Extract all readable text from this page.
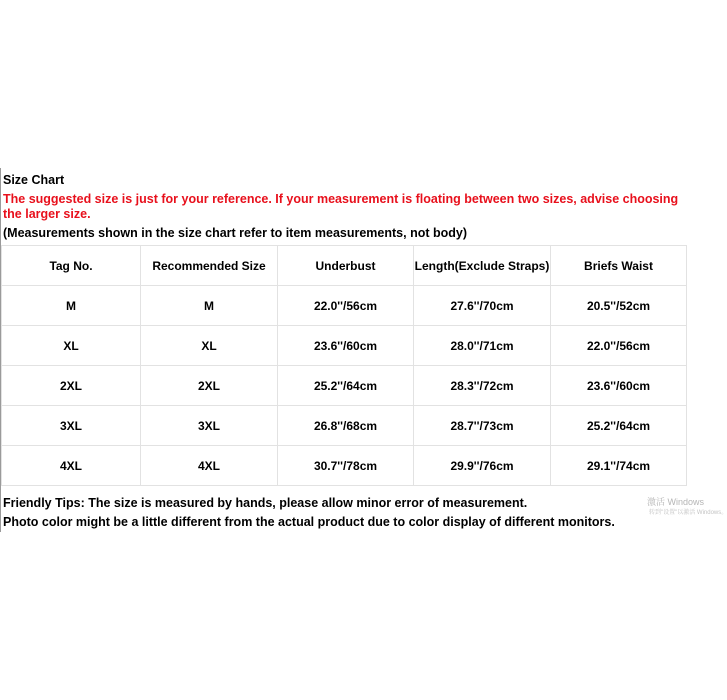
Size Chart
The suggested size is just for your reference. If your measurement is floating between two sizes, advise choosing the larger size.
(Measurements shown in the size chart refer to item measurements, not body)
Tag No.	Recommended Size	Underbust	Length(Exclude Straps)	Briefs Waist
M	M	22.0''/56cm	27.6''/70cm	20.5''/52cm
XL	XL	23.6''/60cm	28.0''/71cm	22.0''/56cm
2XL	2XL	25.2''/64cm	28.3''/72cm	23.6''/60cm
3XL	3XL	26.8''/68cm	28.7''/73cm	25.2''/64cm
4XL	4XL	30.7''/78cm	29.9''/76cm	29.1''/74cm
Friendly Tips: The size is measured by hands, please allow minor error of measurement.
Photo color might be a little different from the actual product due to color display of different monitors.
激活 Windows
转到"设置"以激活 Windows。
